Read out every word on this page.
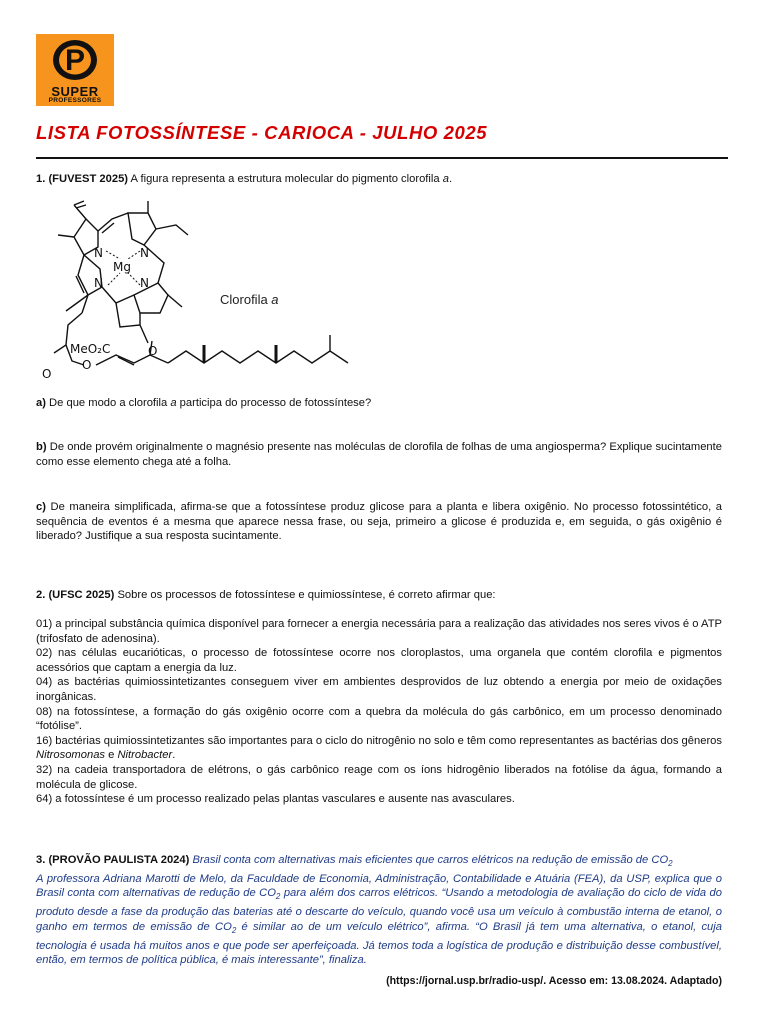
P
SUPER
PROFESSORES
LISTA FOTOSSÍNTESE - CARIOCA - JULHO 2025

1. (FUVEST 2025) A figura representa a estrutura molecular do pigmento clorofila a.

N	N
N	N
Mg
MeO₂C	O
O
O
Clorofila a

a) De que modo a clorofila a participa do processo de fotossíntese?

b) De onde provém originalmente o magnésio presente nas moléculas de clorofila de folhas de uma angiosperma? Explique sucintamente como esse elemento chega até a folha.

c) De maneira simplificada, afirma-se que a fotossíntese produz glicose para a planta e libera oxigênio. No processo fotossintético, a sequência de eventos é a mesma que aparece nessa frase, ou seja, primeiro a glicose é produzida e, em seguida, o gás oxigênio é liberado? Justifique a sua resposta sucintamente.

2. (UFSC 2025) Sobre os processos de fotossíntese e quimiossíntese, é correto afirmar que:

01) a principal substância química disponível para fornecer a energia necessária para a realização das atividades nos seres vivos é o ATP (trifosfato de adenosina).

02) nas células eucarióticas, o processo de fotossíntese ocorre nos cloroplastos, uma organela que contém clorofila e pigmentos acessórios que captam a energia da luz.

04) as bactérias quimiossintetizantes conseguem viver em ambientes desprovidos de luz obtendo a energia por meio de oxidações inorgânicas.

08) na fotossíntese, a formação do gás oxigênio ocorre com a quebra da molécula do gás carbônico, em um processo denominado “fotólise”.

16) bactérias quimiossintetizantes são importantes para o ciclo do nitrogênio no solo e têm como representantes as bactérias dos gêneros Nitrosomonas e Nitrobacter.

32) na cadeia transportadora de elétrons, o gás carbônico reage com os íons hidrogênio liberados na fotólise da água, formando a molécula de glicose.

64) a fotossíntese é um processo realizado pelas plantas vasculares e ausente nas avasculares.

3. (PROVÃO PAULISTA 2024) Brasil conta com alternativas mais eficientes que carros elétricos na redução de emissão de $CO_2$
A professora Adriana Marotti de Melo, da Faculdade de Economia, Administração, Contabilidade e Atuária (FEA), da USP, explica que o Brasil conta com alternativas de redução de $CO_2$ para além dos carros elétricos. “Usando a metodologia de avaliação do ciclo de vida do produto desde a fase da produção das baterias até o descarte do veículo, quando você usa um veículo à combustão interna de etanol, o ganho em termos de emissão de $CO_2$ é similar ao de um veículo elétrico”, afirma. “O Brasil já tem uma alternativa, o etanol, cuja tecnologia é usada há muitos anos e que pode ser aperfeiçoada. Já temos toda a logística de produção e distribuição desse combustível, então, em termos de política pública, é mais interessante”, finaliza.

(https://jornal.usp.br/radio-usp/. Acesso em: 13.08.2024. Adaptado)
